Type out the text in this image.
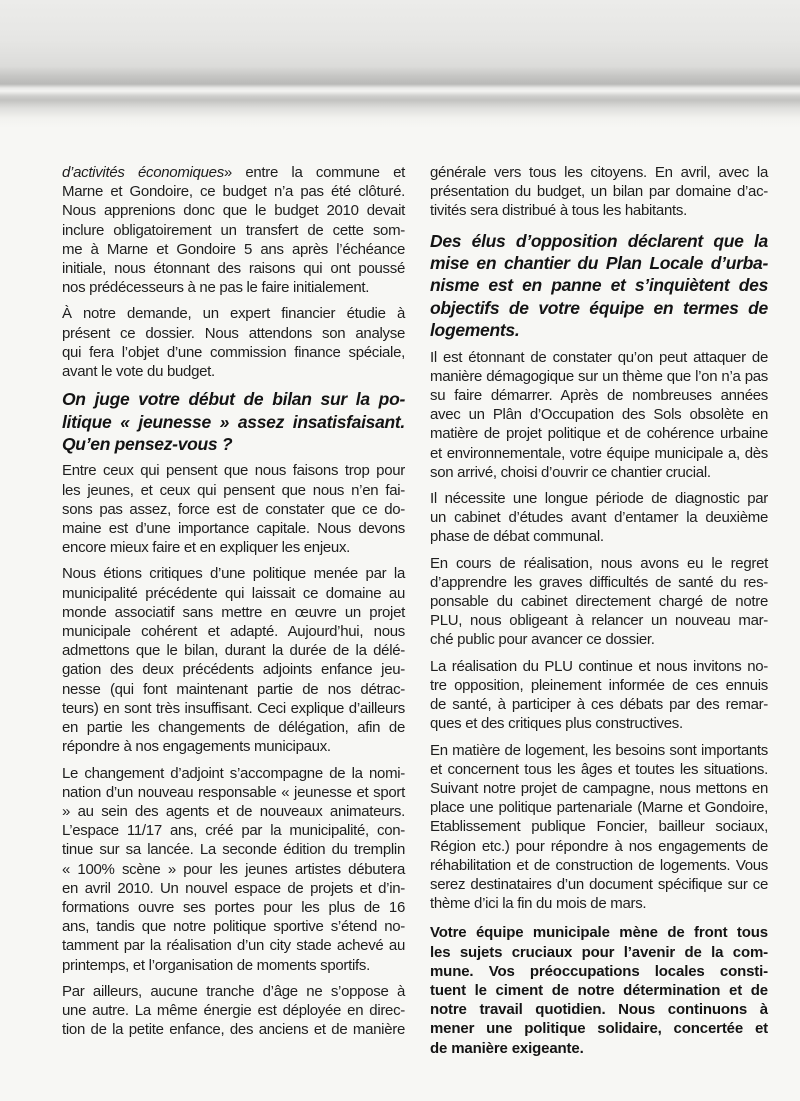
d’activités économiques» entre la commune et
Marne et Gondoire, ce budget n’a pas été clôturé.
Nous apprenions donc que le budget 2010 devait
inclure obligatoirement un transfert de cette som-
me à Marne et Gondoire 5 ans après l’échéance
initiale, nous étonnant des raisons qui ont poussé
nos prédécesseurs à ne pas le faire initialement.
À notre demande, un expert financier étudie à
présent ce dossier. Nous attendons son analyse
qui fera l’objet d’une commission finance spéciale,
avant le vote du budget.
On juge votre début de bilan sur la po-
litique « jeunesse » assez insatisfaisant.
Qu’en pensez-vous ?
Entre ceux qui pensent que nous faisons trop pour
les jeunes, et ceux qui pensent que nous n’en fai-
sons pas assez, force est de constater que ce do-
maine est d’une importance capitale. Nous devons
encore mieux faire et en expliquer les enjeux.
Nous étions critiques d’une politique menée par la
municipalité précédente qui laissait ce domaine au
monde associatif sans mettre en œuvre un projet
municipale cohérent et adapté. Aujourd’hui, nous
admettons que le bilan, durant la durée de la délé-
gation des deux précédents adjoints enfance jeu-
nesse (qui font maintenant partie de nos détrac-
teurs) en sont très insuffisant. Ceci explique d’ailleurs
en partie les changements de délégation, afin de
répondre à nos engagements municipaux.
Le changement d’adjoint s’accompagne de la nomi-
nation d’un nouveau responsable « jeunesse et sport
» au sein des agents et de nouveaux animateurs.
L’espace 11/17 ans, créé par la municipalité, con-
tinue sur sa lancée. La seconde édition du tremplin
« 100% scène » pour les jeunes artistes débutera
en avril 2010. Un nouvel espace de projets et d’in-
formations ouvre ses portes pour les plus de 16
ans, tandis que notre politique sportive s’étend no-
tamment par la réalisation d’un city stade achevé au
printemps, et l’organisation de moments sportifs.
Par ailleurs, aucune tranche d’âge ne s’oppose à
une autre. La même énergie est déployée en direc-
tion de la petite enfance, des anciens et de manière
générale vers tous les citoyens. En avril, avec la
présentation du budget, un bilan par domaine d’ac-
tivités sera distribué à tous les habitants.
Des élus d’opposition déclarent que la
mise en chantier du Plan Locale d’urba-
nisme est en panne et s’inquiètent des
objectifs de votre équipe en termes de
logements.
Il est étonnant de constater qu’on peut attaquer de
manière démagogique sur un thème que l’on n’a pas
su faire démarrer. Après de nombreuses années
avec un Plân d’Occupation des Sols obsolète en
matière de projet politique et de cohérence urbaine
et environnementale, votre équipe municipale a, dès
son arrivé, choisi d’ouvrir ce chantier crucial.
Il nécessite une longue période de diagnostic par
un cabinet d’études avant d’entamer la deuxième
phase de débat communal.
En cours de réalisation, nous avons eu le regret
d’apprendre les graves difficultés de santé du res-
ponsable du cabinet directement chargé de notre
PLU, nous obligeant à relancer un nouveau mar-
ché public pour avancer ce dossier.
La réalisation du PLU continue et nous invitons no-
tre opposition, pleinement informée de ces ennuis
de santé, à participer à ces débats par des remar-
ques et des critiques plus constructives.
En matière de logement, les besoins sont importants
et concernent tous les âges et toutes les situations.
Suivant notre projet de campagne, nous mettons en
place une politique partenariale (Marne et Gondoire,
Etablissement publique Foncier, bailleur sociaux,
Région etc.) pour répondre à nos engagements de
réhabilitation et de construction de logements. Vous
serez destinataires d’un document spécifique sur ce
thème d’ici la fin du mois de mars.
Votre équipe municipale mène de front tous
les sujets cruciaux pour l’avenir de la com-
mune. Vos préoccupations locales consti-
tuent le ciment de notre détermination et de
notre travail quotidien. Nous continuons à
mener une politique solidaire, concertée et
de manière exigeante.
